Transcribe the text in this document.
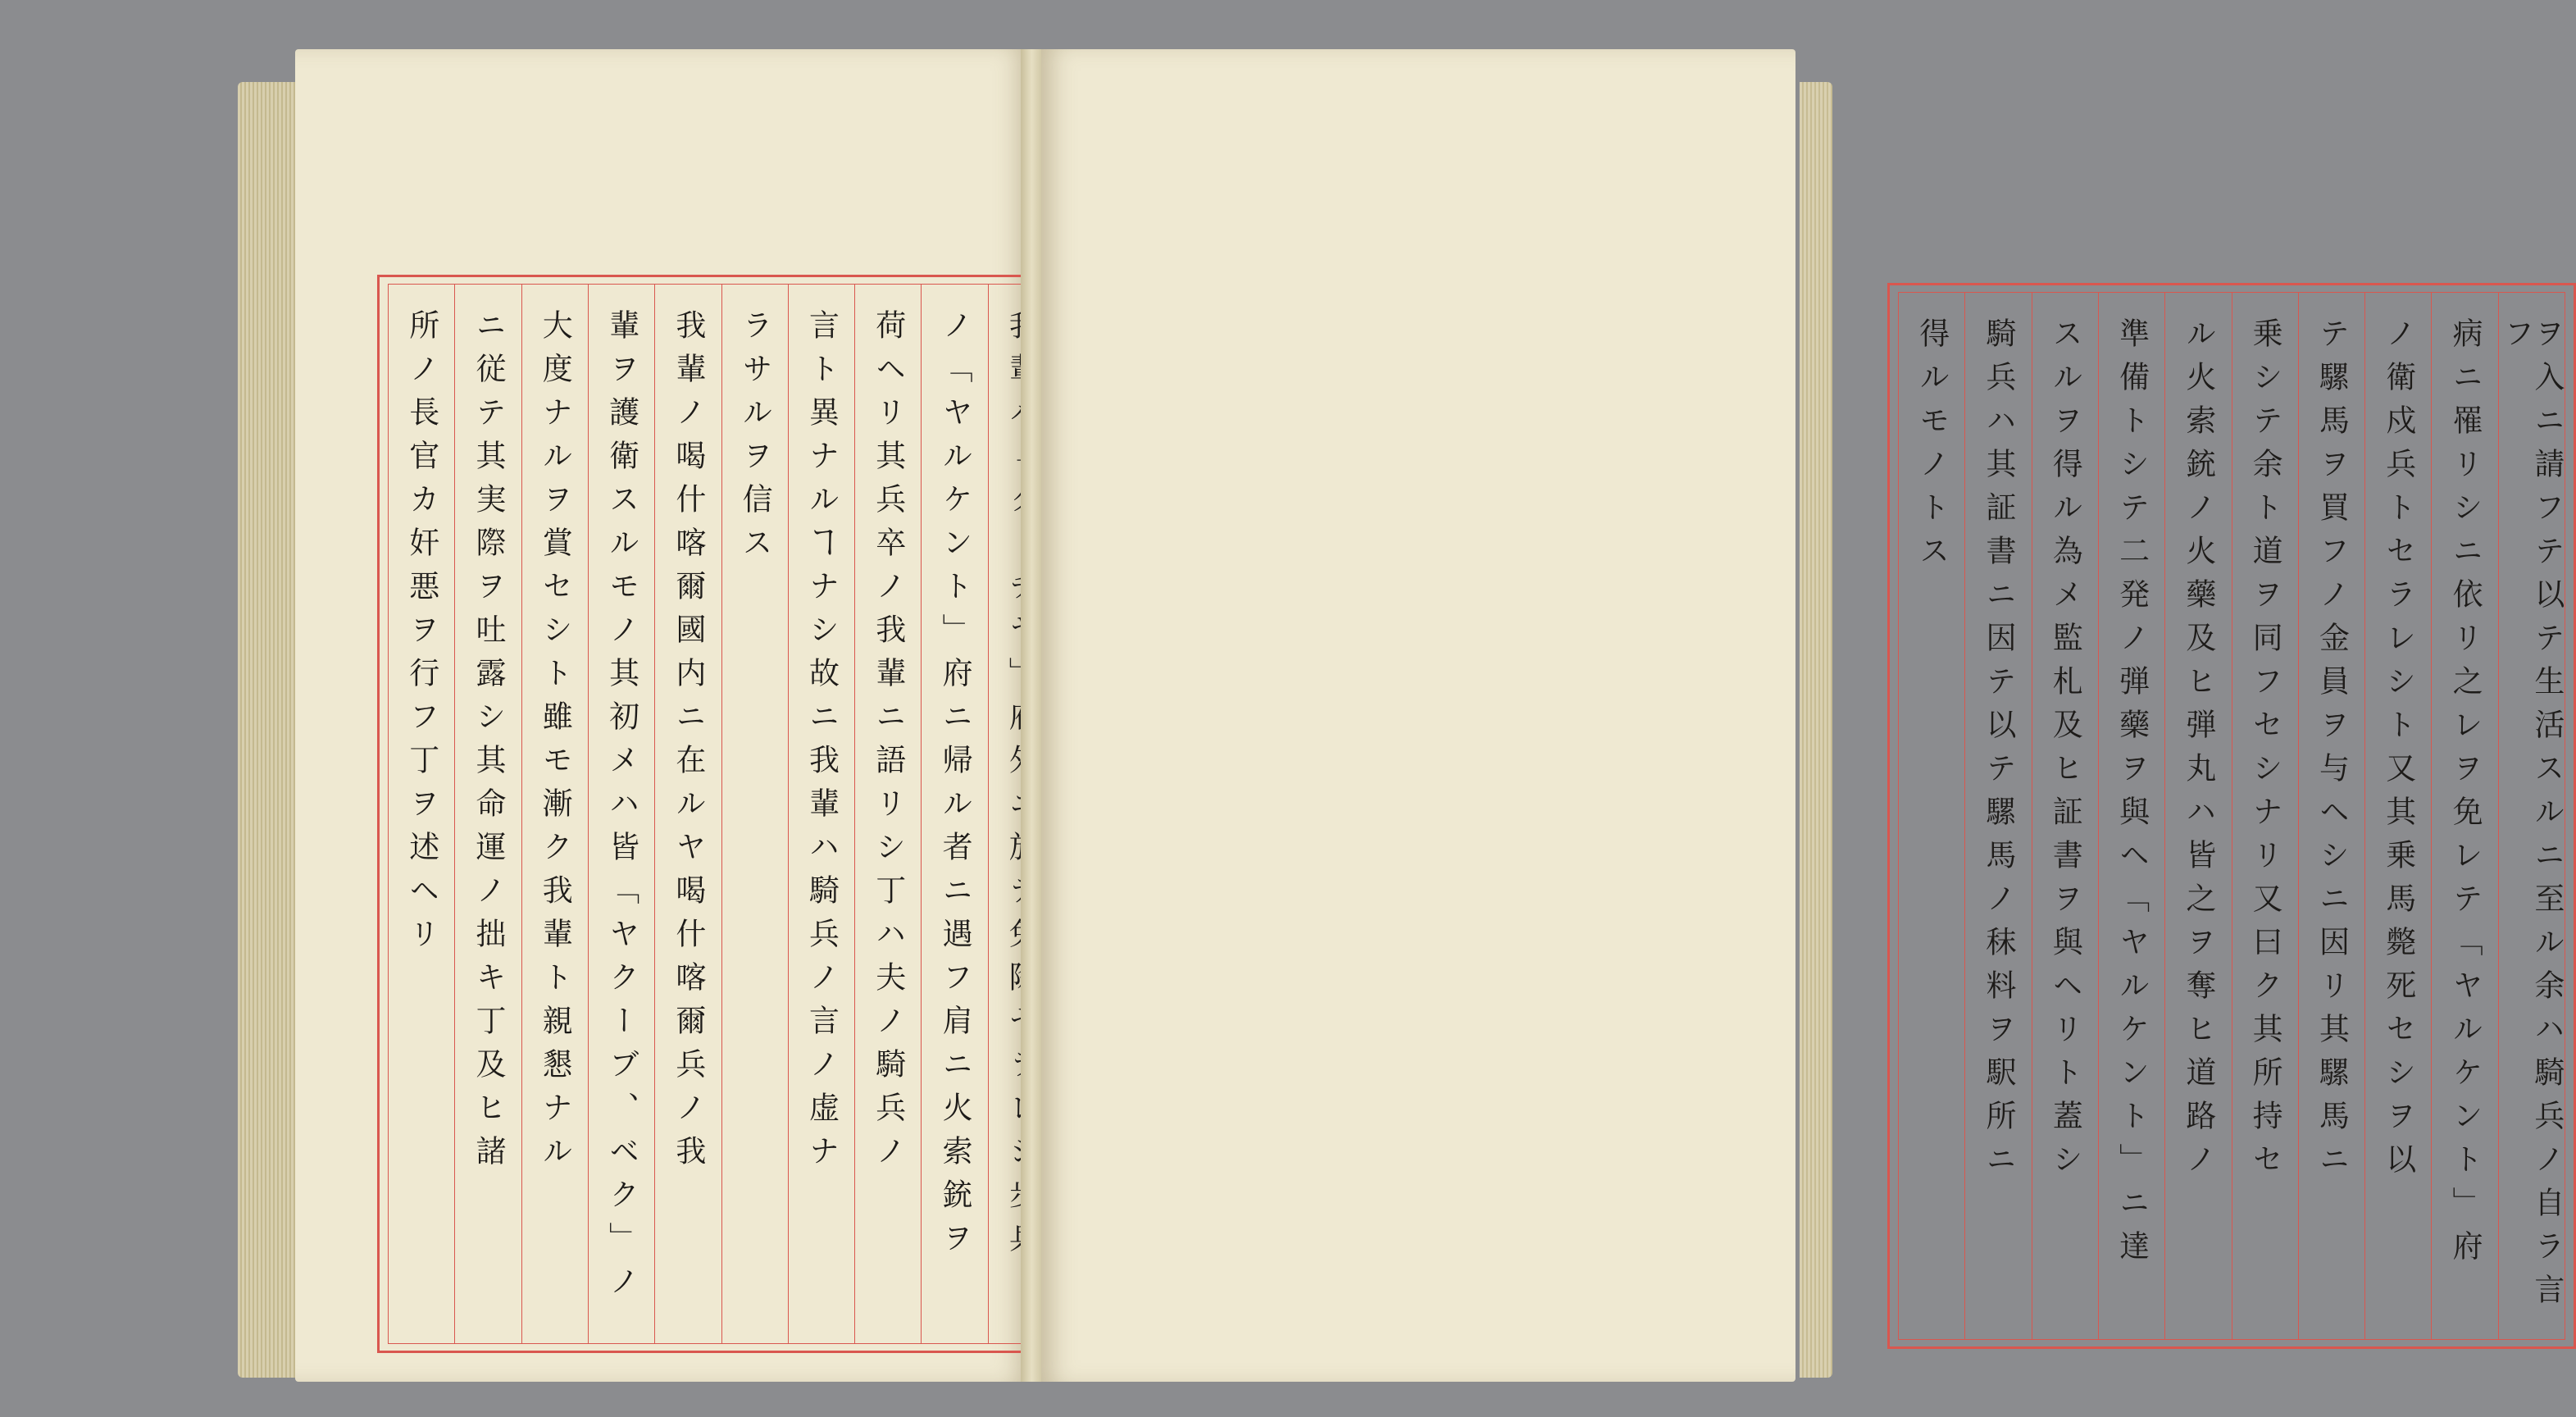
ノ「ヤルケント」府ニ帰ル者ニ遇フ肩ニ火索銃ヲ
荷ヘリ其兵卒ノ我輩ニ語リシ丁ハ夫ノ騎兵ノ
言ト異ナルヿナシ故ニ我輩ハ騎兵ノ言ノ虚ナ
ラサルヲ信ス
我輩ノ喝什喀爾國内ニ在ルヤ喝什喀爾兵ノ我
輩ヲ護衛スルモノ其初メハ皆「ヤクーブ、ベク」ノ
大度ナルヲ賞セシト雖モ漸ク我輩ト親懇ナル
ニ従テ其実際ヲ吐露シ其命運ノ拙キ丁及ヒ諸
所ノ長官カ奸悪ヲ行フ丁ヲ述ヘリ	ヲ入ニ請フテ以テ生活スルニ至ル余ハ騎兵ノ自ラ言フ
病ニ罹リシニ依リ之レヲ免レテ「ヤルケント」府
ノ衛戍兵トセラレシト又其乗馬斃死セシヲ以
テ騾馬ヲ買フノ金員ヲ与ヘシニ因リ其騾馬ニ
乗シテ余ト道ヲ同フセシナリ又曰ク其所持セ
ル火索銃ノ火藥及ヒ弾丸ハ皆之ヲ奪ヒ道路ノ
準備トシテ二発ノ弾藥ヲ與ヘ「ヤルケント」ニ達
スルヲ得ル為メ監札及ヒ証書ヲ與ヘリト蓋シ
騎兵ハ其証書ニ因テ以テ騾馬ノ秣料ヲ駅所ニ
得ルモノトス
